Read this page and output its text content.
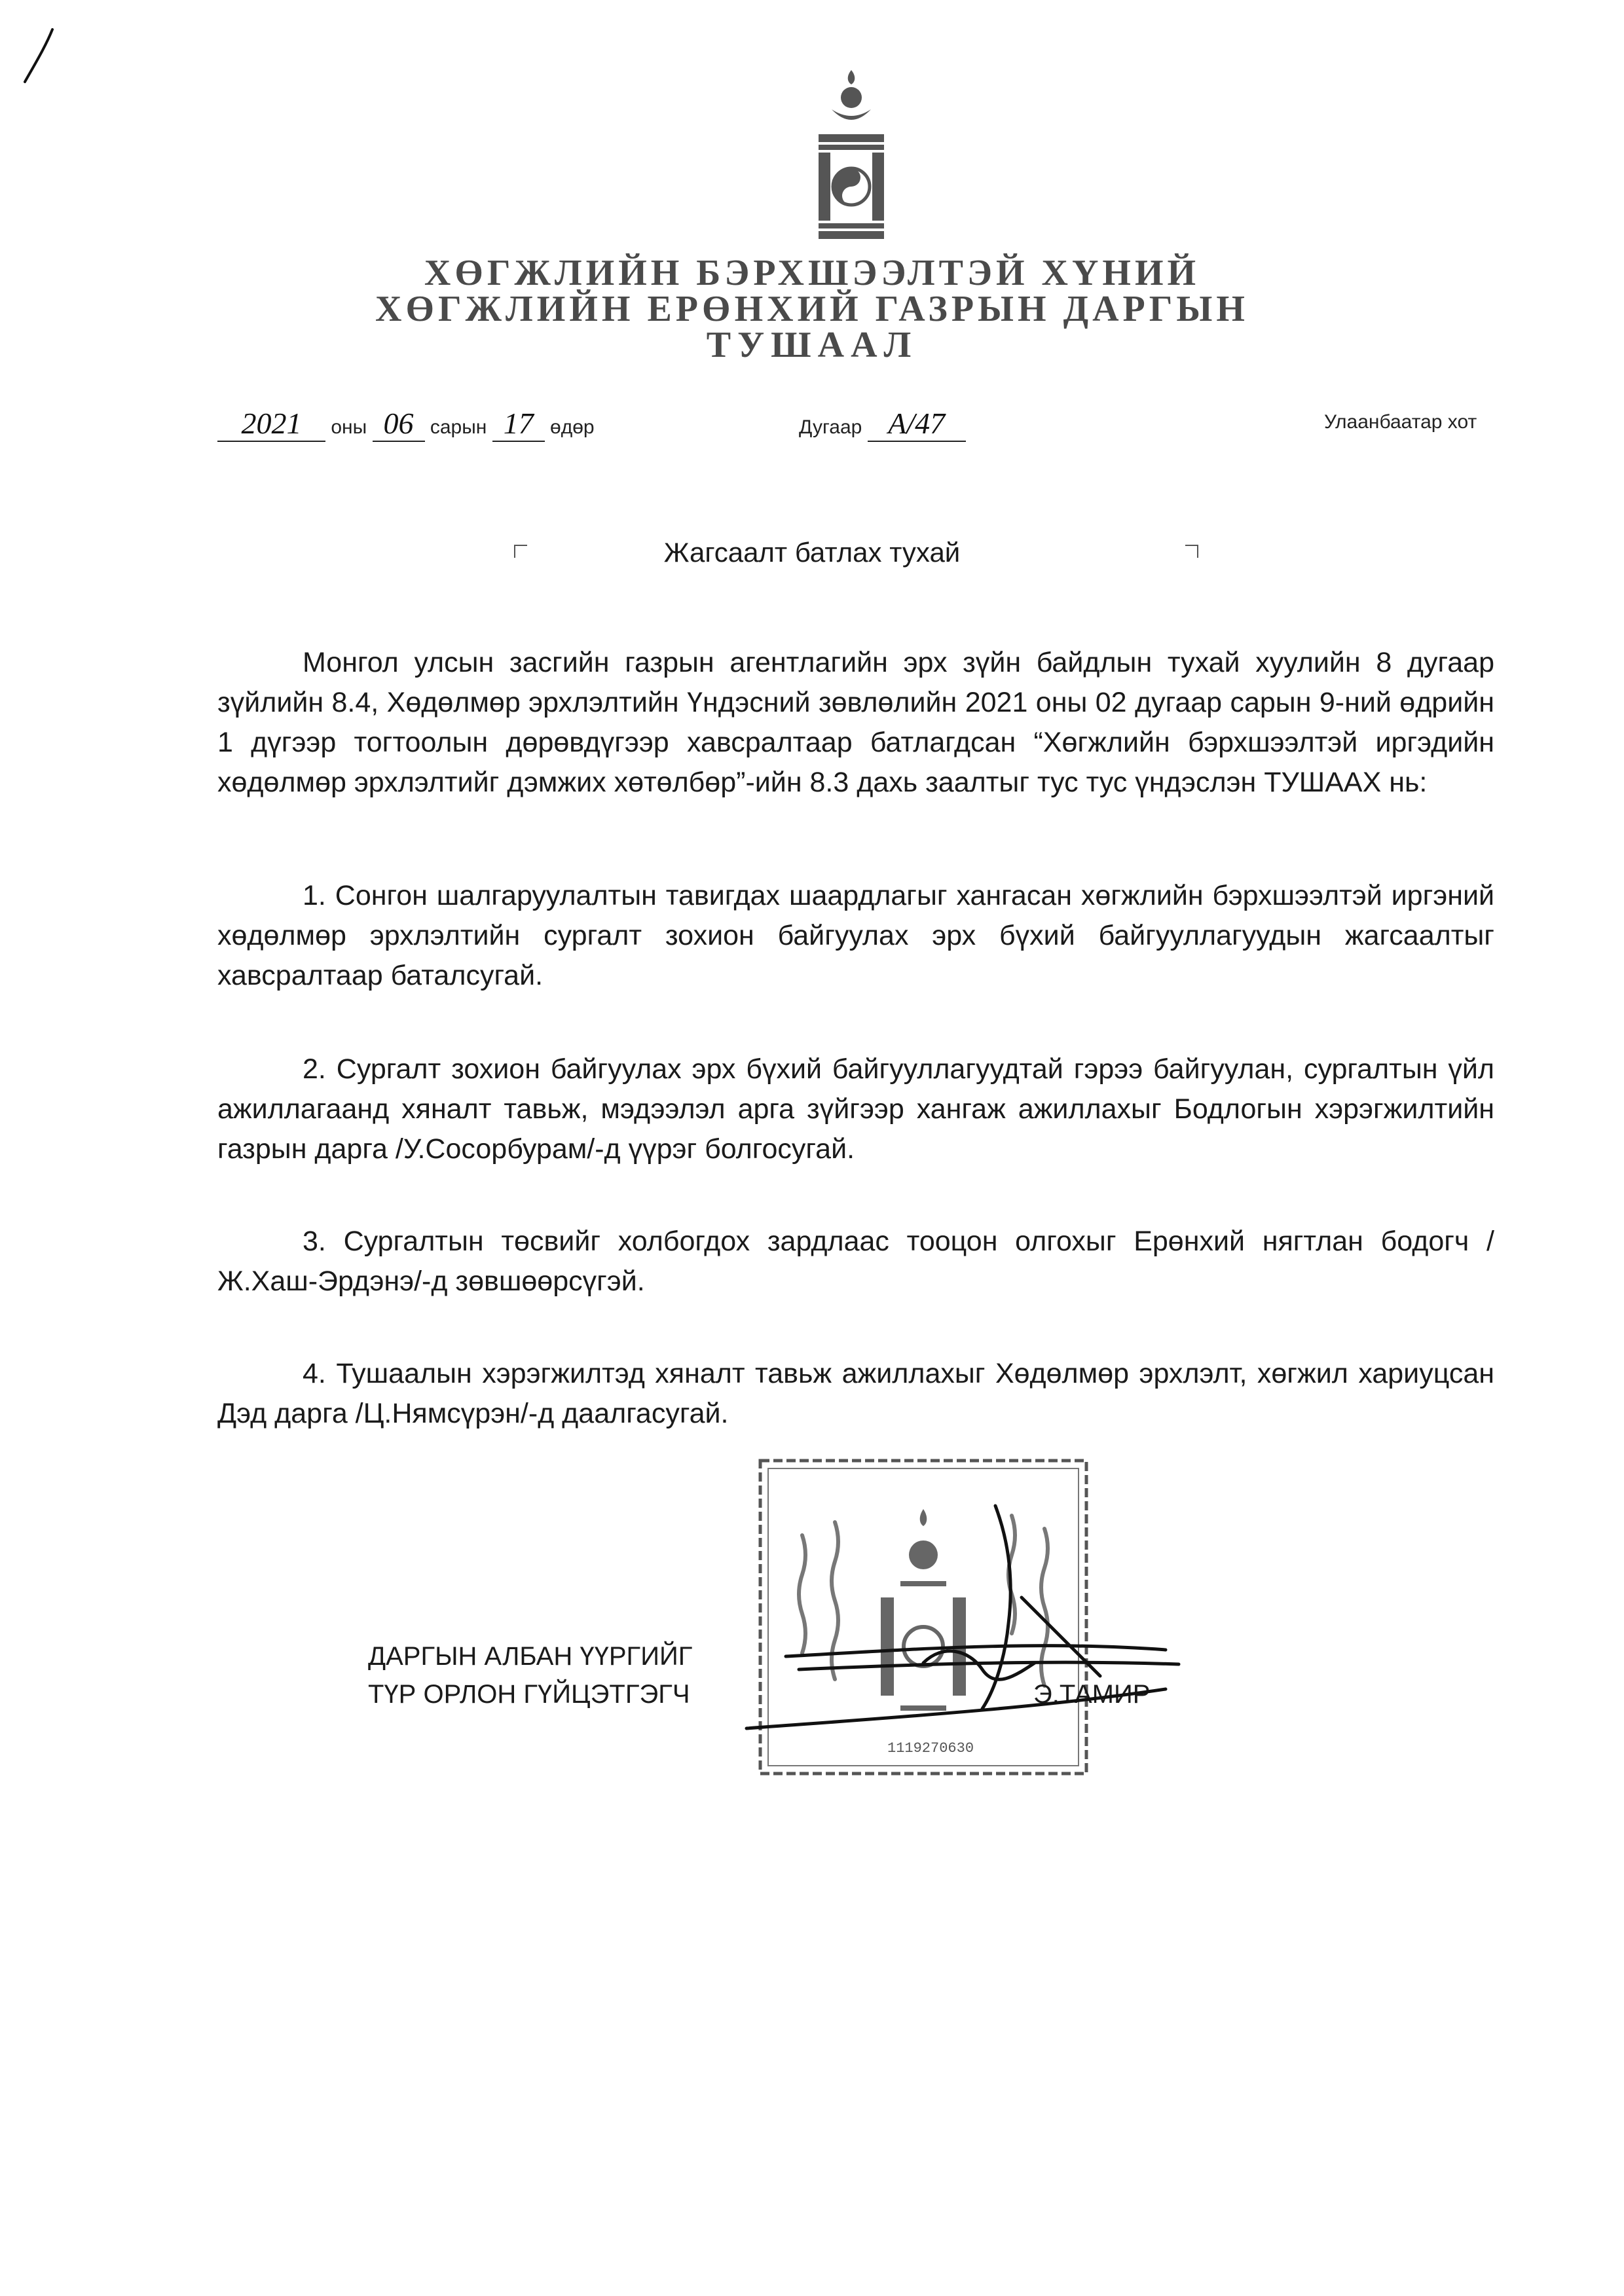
ХӨГЖЛИЙН БЭРХШЭЭЛТЭЙ ХҮНИЙ
ХӨГЖЛИЙН ЕРӨНХИЙ ГАЗРЫН ДАРГЫН
ТУШААЛ
2021 оны 06 сарын 17 өдөр	Дугаар А/47	Улаанбаатар хот
Жагсаалт батлах тухай
Монгол улсын засгийн газрын агентлагийн эрх зүйн байдлын тухай хуулийн 8 дугаар зүйлийн 8.4, Хөдөлмөр эрхлэлтийн Үндэсний зөвлөлийн 2021 оны 02 дугаар сарын 9-ний өдрийн 1 дүгээр тогтоолын дөрөвдүгээр хавсралтаар батлагдсан “Хөгжлийн бэрхшээлтэй иргэдийн хөдөлмөр эрхлэлтийг дэмжих хөтөлбөр”-ийн 8.3 дахь заалтыг тус тус үндэслэн ТУШААХ нь:
1. Сонгон шалгаруулалтын тавигдах шаардлагыг хангасан хөгжлийн бэрхшээлтэй иргэний хөдөлмөр эрхлэлтийн сургалт зохион байгуулах эрх бүхий байгууллагуудын жагсаалтыг хавсралтаар баталсугай.
2. Сургалт зохион байгуулах эрх бүхий байгууллагуудтай гэрээ байгуулан, сургалтын үйл ажиллагаанд хяналт тавьж, мэдээлэл арга зүйгээр хангаж ажиллахыг Бодлогын хэрэгжилтийн газрын дарга /У.Сосорбурам/-д үүрэг болгосугай.
3. Сургалтын төсвийг холбогдох зардлаас тооцон олгохыг Ерөнхий нягтлан бодогч /Ж.Хаш-Эрдэнэ/-д зөвшөөрсүгэй.
4. Тушаалын хэрэгжилтэд хяналт тавьж ажиллахыг Хөдөлмөр эрхлэлт, хөгжил хариуцсан Дэд дарга /Ц.Нямсүрэн/-д даалгасугай.
1119270630
ДАРГЫН АЛБАН ҮҮРГИЙГ
ТҮР ОРЛОН ГҮЙЦЭТГЭГЧ	Э.ТАМИР
